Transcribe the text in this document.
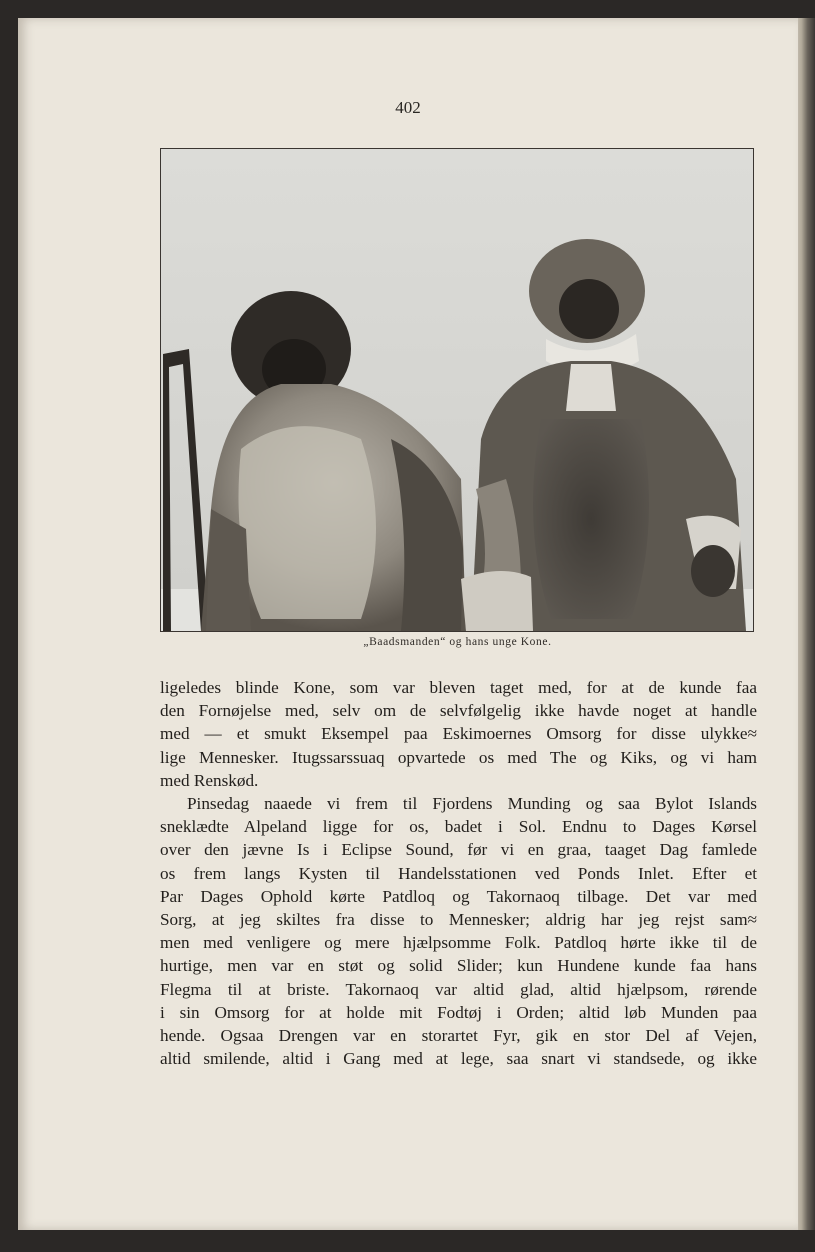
402
„Baadsmanden“ og hans unge Kone.

ligeledes blinde Kone, som var bleven taget med, for at de kunde faa
den Fornøjelse med, selv om de selvfølgelig ikke havde noget at handle
med — et smukt Eksempel paa Eskimoernes Omsorg for disse ulykke≈
lige Mennesker. Itugssarssuaq opvartede os med The og Kiks, og vi ham
med Renskød.

Pinsedag naaede vi frem til Fjordens Munding og saa Bylot Islands
sneklædte Alpeland ligge for os, badet i Sol. Endnu to Dages Kørsel
over den jævne Is i Eclipse Sound, før vi en graa, taaget Dag famlede
os frem langs Kysten til Handelsstationen ved Ponds Inlet. Efter et
Par Dages Ophold kørte Patdloq og Takornaoq tilbage. Det var med
Sorg, at jeg skiltes fra disse to Mennesker; aldrig har jeg rejst sam≈
men med venligere og mere hjælpsomme Folk. Patdloq hørte ikke til de
hurtige, men var en støt og solid Slider; kun Hundene kunde faa hans
Flegma til at briste. Takornaoq var altid glad, altid hjælpsom, rørende
i sin Omsorg for at holde mit Fodtøj i Orden; altid løb Munden paa
hende. Ogsaa Drengen var en storartet Fyr, gik en stor Del af Vejen,
altid smilende, altid i Gang med at lege, saa snart vi standsede, og ikke
